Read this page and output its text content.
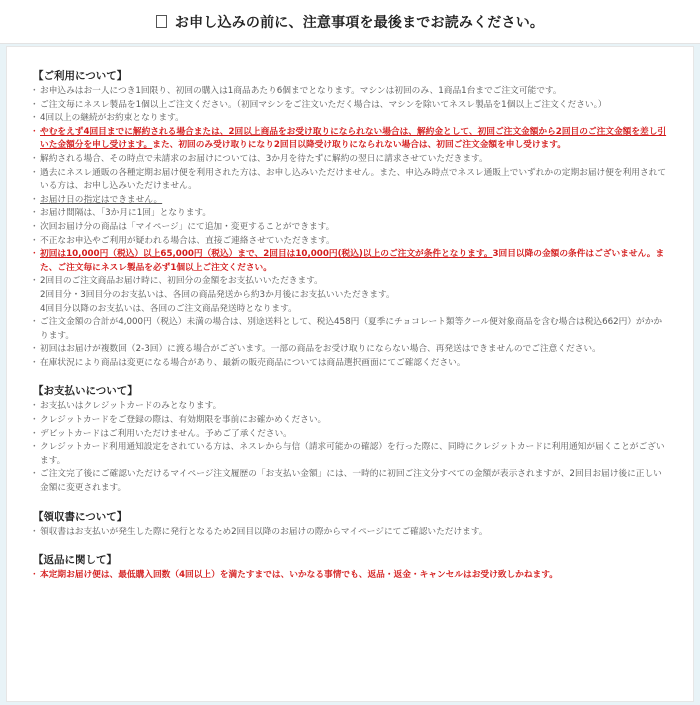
お申し込みの前に、注意事項を最後までお読みください。
【ご利用について】
・ お申込みはお一人につき1回限り、初回の購入は1商品あたり6個までとなります。マシンは初回のみ、1商品1台までご注文可能です。
・ ご注文毎にネスレ製品を1個以上ご注文ください。（初回マシンをご注文いただく場合は、マシンを除いてネスレ製品を1個以上ご注文ください。）
・ 4回以上の継続がお約束となります。
・ やむをえず4回目までに解約される場合または、2回以上商品をお受け取りになられない場合は、解約金として、初回ご注文金額から2回目のご注文金額を差し引いた金額分を申し受けます。また、初回のみ受け取りになり2回目以降受け取りになられない場合は、初回ご注文金額を申し受けます。
・ 解約される場合、その時点で未請求のお届けについては、3か月を待たずに解約の翌日に請求させていただきます。
・ 過去にネスレ通販の各種定期お届け便を利用された方は、お申し込みいただけません。また、申込み時点でネスレ通販上でいずれかの定期お届け便を利用されている方は、お申し込みいただけません。
・ お届け日の指定はできません。
・ お届け間隔は、「3か月に1回」となります。
・ 次回お届け分の商品は「マイページ」にて追加・変更することができます。
・ 不正なお申込やご利用が疑われる場合は、直接ご連絡させていただきます。
・ 初回は10,000円（税込）以上65,000円（税込）まで、2回目は10,000円(税込)以上のご注文が条件となります。3回目以降の金額の条件はございません。また、ご注文毎にネスレ製品を必ず1個以上ご注文ください。
・ 2回目のご注文商品お届け時に、初回分の金額をお支払いいただきます。
2回目分・3回目分のお支払いは、各回の商品発送から約3か月後にお支払いいただきます。
4回目分以降のお支払いは、各回のご注文商品発送時となります。
・ ご注文金額の合計が4,000円（税込）未満の場合は、別途送料として、税込458円（夏季にチョコレート類等クール便対象商品を含む場合は税込662円）がかかります。
・ 初回はお届けが複数回（2-3回）に渡る場合がございます。一部の商品をお受け取りにならない場合、再発送はできませんのでご注意ください。
・ 在庫状況により商品は変更になる場合があり、最新の販売商品については商品選択画面にてご確認ください。
【お支払いについて】
・ お支払いはクレジットカードのみとなります。
・ クレジットカードをご登録の際は、有効期限を事前にお確かめください。
・ デビットカードはご利用いただけません。予めご了承ください。
・ クレジットカード利用通知設定をされている方は、ネスレから与信（請求可能かの確認）を行った際に、同時にクレジットカードに利用通知が届くことがございます。
・ ご注文完了後にご確認いただけるマイページ注文履歴の「お支払い金額」には、一時的に初回ご注文分すべての金額が表示されますが、2回目お届け後に正しい金額に変更されます。
【領収書について】
・ 領収書はお支払いが発生した際に発行となるため2回目以降のお届けの際からマイページにてご確認いただけます。
【返品に関して】
・ 本定期お届け便は、最低購入回数（4回以上）を満たすまでは、いかなる事情でも、返品・返金・キャンセルはお受け致しかねます。
